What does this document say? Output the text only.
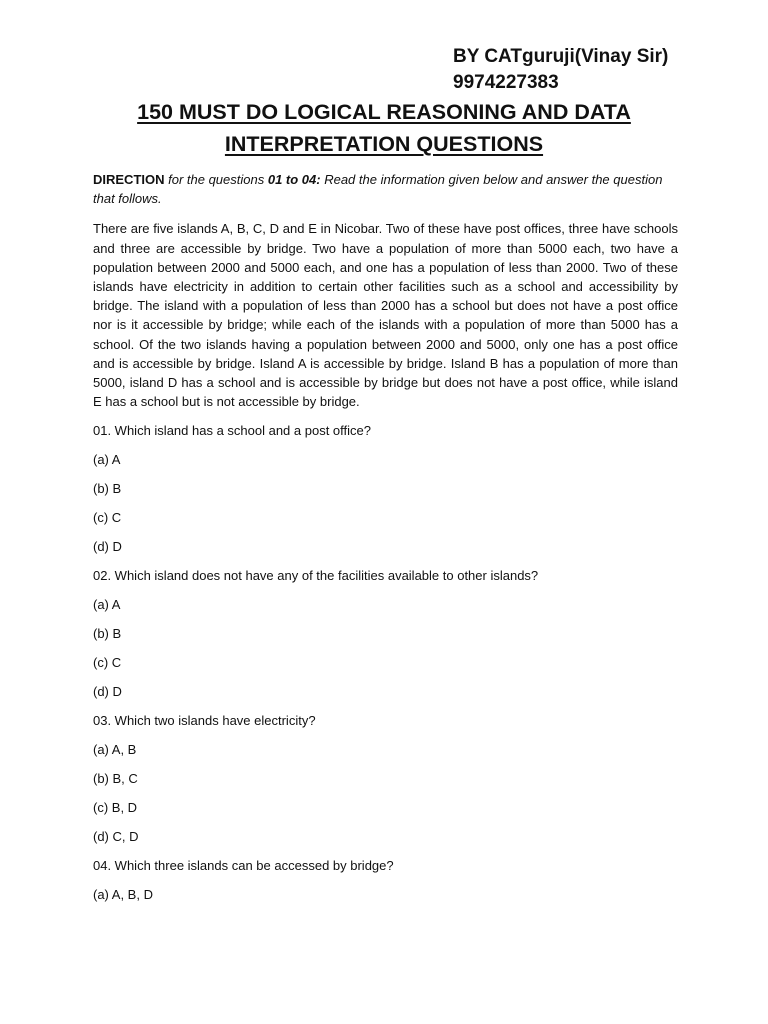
BY CATguruji(Vinay Sir)
9974227383
150 MUST DO LOGICAL REASONING AND DATA
INTERPRETATION QUESTIONS

DIRECTION for the questions 01 to 04: Read the information given below and answer the question that follows.

There are five islands A, B, C, D and E in Nicobar. Two of these have post offices, three have schools and three are accessible by bridge. Two have a population of more than 5000 each, two have a population between 2000 and 5000 each, and one has a population of less than 2000. Two of these islands have electricity in addition to certain other facilities such as a school and accessibility by bridge. The island with a population of less than 2000 has a school but does not have a post office nor is it accessible by bridge; while each of the islands with a population of more than 5000 has a school. Of the two islands having a population between 2000 and 5000, only one has a post office and is accessible by bridge. Island A is accessible by bridge. Island B has a population of more than 5000, island D has a school and is accessible by bridge but does not have a post office, while island E has a school but is not accessible by bridge.

01. Which island has a school and a post office?

(a) A

(b) B

(c) C

(d) D

02. Which island does not have any of the facilities available to other islands?

(a) A

(b) B

(c) C

(d) D

03. Which two islands have electricity?

(a) A, B

(b) B, C

(c) B, D

(d) C, D

04. Which three islands can be accessed by bridge?

(a) A, B, D
